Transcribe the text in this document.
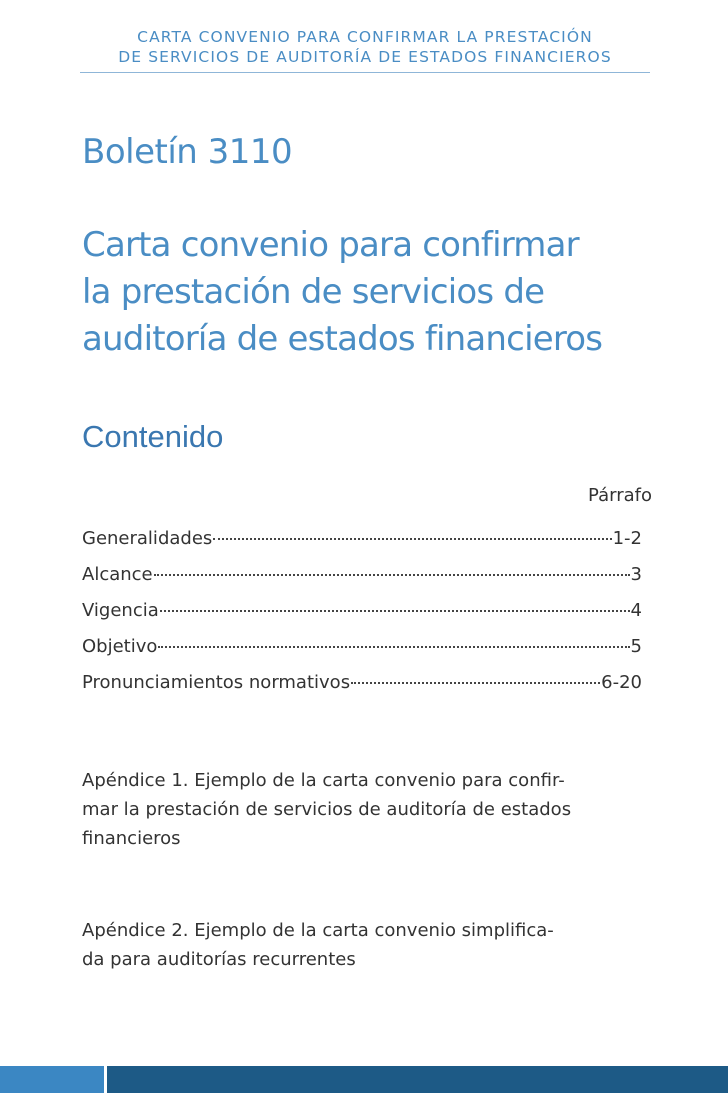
CARTA CONVENIO PARA CONFIRMAR LA PRESTACIÓN
DE SERVICIOS DE AUDITORÍA DE ESTADOS FINANCIEROS
Boletín 3110
Carta convenio para confirmar
la prestación de servicios de
auditoría de estados financieros
Contenido
Párrafo
Generalidades	1-2
Alcance	3
Vigencia	4
Objetivo	5
Pronunciamientos normativos	6-20
Apéndice 1. Ejemplo de la carta convenio para confir-
mar la prestación de servicios de auditoría de estados
financieros
Apéndice 2. Ejemplo de la carta convenio simplifica-
da para auditorías recurrentes
